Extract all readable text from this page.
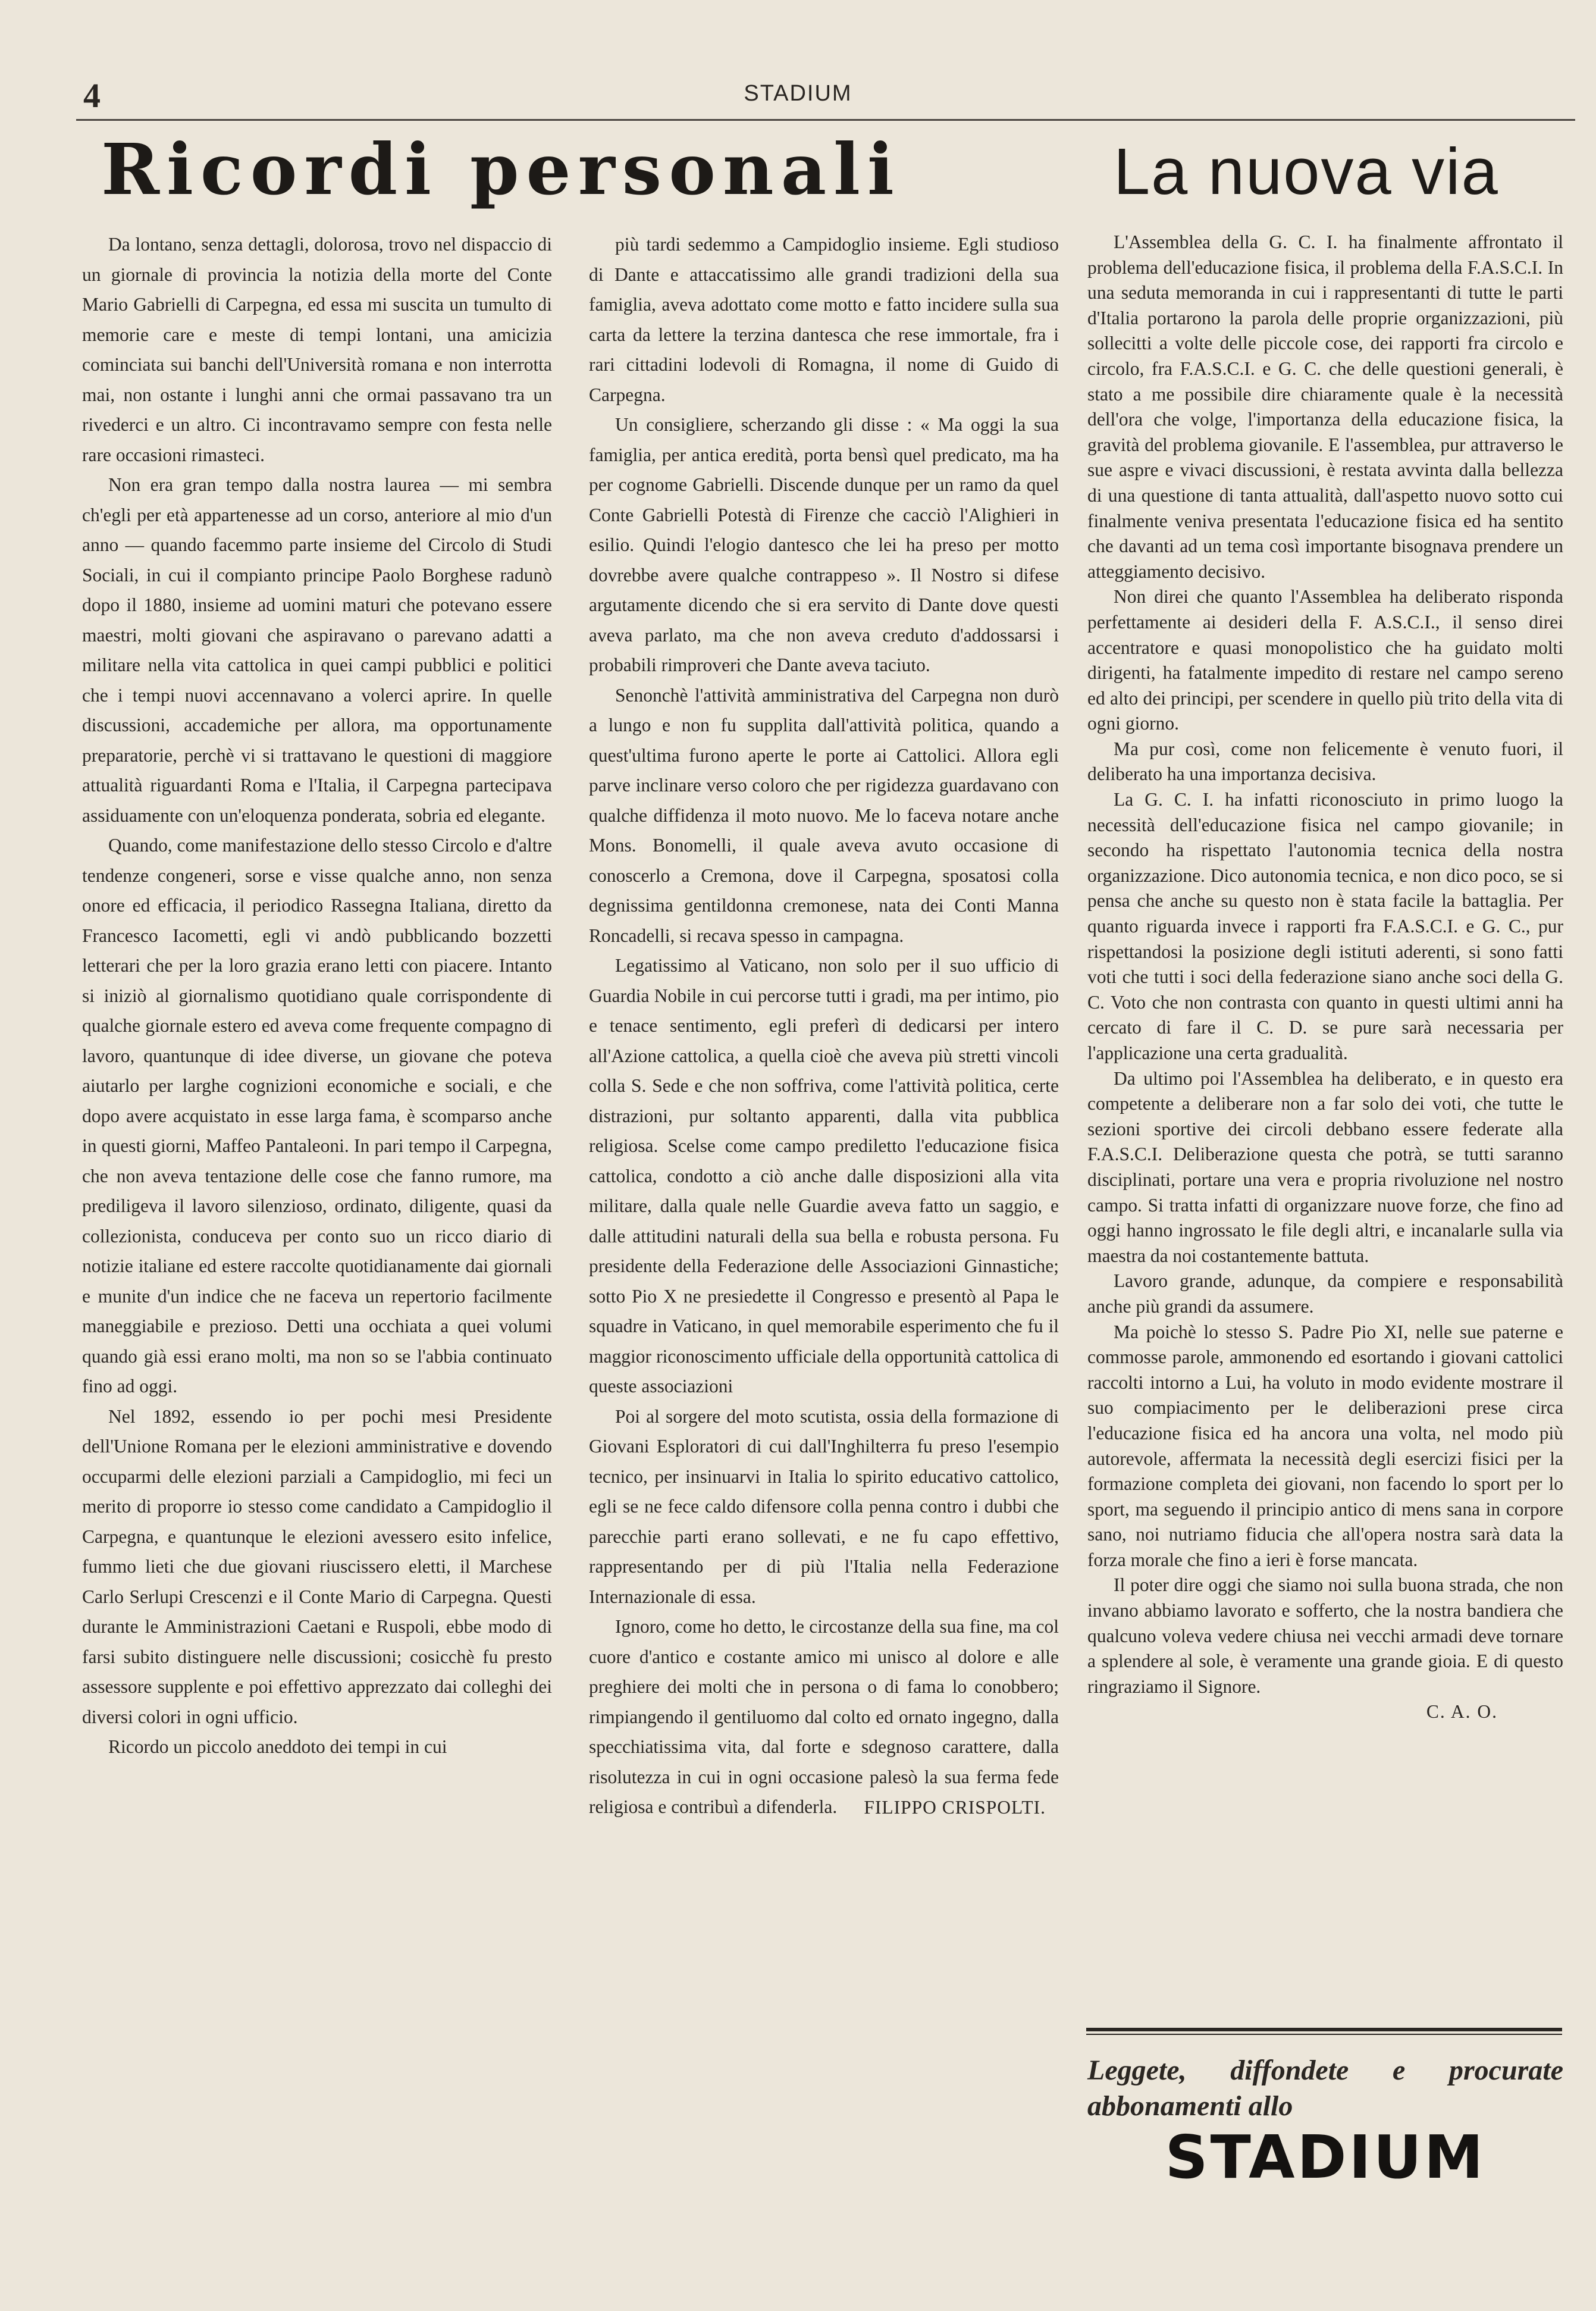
4	STADIUM
Ricordi personali	La nuova via

Da lontano, senza dettagli, dolorosa, trovo nel dispaccio di un giornale di provincia la notizia della morte del Conte Mario Gabrielli di Carpegna, ed essa mi suscita un tumulto di memorie care e meste di tempi lontani, una amicizia cominciata sui banchi dell'Università romana e non interrotta mai, non ostante i lunghi anni che ormai passavano tra un rivederci e un altro. Ci incontravamo sempre con festa nelle rare occasioni rimasteci.

Non era gran tempo dalla nostra laurea — mi sembra ch'egli per età appartenesse ad un corso, anteriore al mio d'un anno — quando facemmo parte insieme del Circolo di Studi Sociali, in cui il compianto principe Paolo Borghese radunò dopo il 1880, insieme ad uomini maturi che potevano essere maestri, molti giovani che aspiravano o parevano adatti a militare nella vita cattolica in quei campi pubblici e politici che i tempi nuovi accennavano a volerci aprire. In quelle discussioni, accademiche per allora, ma opportunamente preparatorie, perchè vi si trattavano le questioni di maggiore attualità riguardanti Roma e l'Italia, il Carpegna partecipava assiduamente con un'eloquenza ponderata, sobria ed elegante.

Quando, come manifestazione dello stesso Circolo e d'altre tendenze congeneri, sorse e visse qualche anno, non senza onore ed efficacia, il periodico Rassegna Italiana, diretto da Francesco Iacometti, egli vi andò pubblicando bozzetti letterari che per la loro grazia erano letti con piacere. Intanto si iniziò al giornalismo quotidiano quale corrispondente di qualche giornale estero ed aveva come frequente compagno di lavoro, quantunque di idee diverse, un giovane che poteva aiutarlo per larghe cognizioni economiche e sociali, e che dopo avere acquistato in esse larga fama, è scomparso anche in questi giorni, Maffeo Pantaleoni. In pari tempo il Carpegna, che non aveva tentazione delle cose che fanno rumore, ma prediligeva il lavoro silenzioso, ordinato, diligente, quasi da collezionista, conduceva per conto suo un ricco diario di notizie italiane ed estere raccolte quotidianamente dai giornali e munite d'un indice che ne faceva un repertorio facilmente maneggiabile e prezioso. Detti una occhiata a quei volumi quando già essi erano molti, ma non so se l'abbia continuato fino ad oggi.

Nel 1892, essendo io per pochi mesi Presidente dell'Unione Romana per le elezioni amministrative e dovendo occuparmi delle elezioni parziali a Campidoglio, mi feci un merito di proporre io stesso come candidato a Campidoglio il Carpegna, e quantunque le elezioni avessero esito infelice, fummo lieti che due giovani riuscissero eletti, il Marchese Carlo Serlupi Crescenzi e il Conte Mario di Carpegna. Questi durante le Amministrazioni Caetani e Ruspoli, ebbe modo di farsi subito distinguere nelle discussioni; cosicchè fu presto assessore supplente e poi effettivo apprezzato dai colleghi dei diversi colori in ogni ufficio.

Ricordo un piccolo aneddoto dei tempi in cui

più tardi sedemmo a Campidoglio insieme. Egli studioso di Dante e attaccatissimo alle grandi tradizioni della sua famiglia, aveva adottato come motto e fatto incidere sulla sua carta da lettere la terzina dantesca che rese immortale, fra i rari cittadini lodevoli di Romagna, il nome di Guido di Carpegna.

Un consigliere, scherzando gli disse : « Ma oggi la sua famiglia, per antica eredità, porta bensì quel predicato, ma ha per cognome Gabrielli. Discende dunque per un ramo da quel Conte Gabrielli Potestà di Firenze che cacciò l'Alighieri in esilio. Quindi l'elogio dantesco che lei ha preso per motto dovrebbe avere qualche contrappeso ». Il Nostro si difese argutamente dicendo che si era servito di Dante dove questi aveva parlato, ma che non aveva creduto d'addossarsi i probabili rimproveri che Dante aveva taciuto.

Senonchè l'attività amministrativa del Carpegna non durò a lungo e non fu supplita dall'attività politica, quando a quest'ultima furono aperte le porte ai Cattolici. Allora egli parve inclinare verso coloro che per rigidezza guardavano con qualche diffidenza il moto nuovo. Me lo faceva notare anche Mons. Bonomelli, il quale aveva avuto occasione di conoscerlo a Cremona, dove il Carpegna, sposatosi colla degnissima gentildonna cremonese, nata dei Conti Manna Roncadelli, si recava spesso in campagna.

Legatissimo al Vaticano, non solo per il suo ufficio di Guardia Nobile in cui percorse tutti i gradi, ma per intimo, pio e tenace sentimento, egli preferì di dedicarsi per intero all'Azione cattolica, a quella cioè che aveva più stretti vincoli colla S. Sede e che non soffriva, come l'attività politica, certe distrazioni, pur soltanto apparenti, dalla vita pubblica religiosa. Scelse come campo prediletto l'educazione fisica cattolica, condotto a ciò anche dalle disposizioni alla vita militare, dalla quale nelle Guardie aveva fatto un saggio, e dalle attitudini naturali della sua bella e robusta persona. Fu presidente della Federazione delle Associazioni Ginnastiche; sotto Pio X ne presiedette il Congresso e presentò al Papa le squadre in Vaticano, in quel memorabile esperimento che fu il maggior riconoscimento ufficiale della opportunità cattolica di queste associazioni

Poi al sorgere del moto scutista, ossia della formazione di Giovani Esploratori di cui dall'Inghilterra fu preso l'esempio tecnico, per insinuarvi in Italia lo spirito educativo cattolico, egli se ne fece caldo difensore colla penna contro i dubbi che parecchie parti erano sollevati, e ne fu capo effettivo, rappresentando per di più l'Italia nella Federazione Internazionale di essa.

Ignoro, come ho detto, le circostanze della sua fine, ma col cuore d'antico e costante amico mi unisco al dolore e alle preghiere dei molti che in persona o di fama lo conobbero; rimpiangendo il gentiluomo dal colto ed ornato ingegno, dalla specchiatissima vita, dal forte e sdegnoso carattere, dalla risolutezza in cui in ogni occasione palesò la sua ferma fede religiosa e contribuì a difenderla.	FILIPPO CRISPOLTI.

L'Assemblea della G. C. I. ha finalmente affrontato il problema dell'educazione fisica, il problema della F.A.S.C.I. In una seduta memoranda in cui i rappresentanti di tutte le parti d'Italia portarono la parola delle proprie organizzazioni, più sollecitti a volte delle piccole cose, dei rapporti fra circolo e circolo, fra F.A.S.C.I. e G. C. che delle questioni generali, è stato a me possibile dire chiaramente quale è la necessità dell'ora che volge, l'importanza della educazione fisica, la gravità del problema giovanile. E l'assemblea, pur attraverso le sue aspre e vivaci discussioni, è restata avvinta dalla bellezza di una questione di tanta attualità, dall'aspetto nuovo sotto cui finalmente veniva presentata l'educazione fisica ed ha sentito che davanti ad un tema così importante bisognava prendere un atteggiamento decisivo.

Non direi che quanto l'Assemblea ha deliberato risponda perfettamente ai desideri della F. A.S.C.I., il senso direi accentratore e quasi monopolistico che ha guidato molti dirigenti, ha fatalmente impedito di restare nel campo sereno ed alto dei principi, per scendere in quello più trito della vita di ogni giorno.

Ma pur così, come non felicemente è venuto fuori, il deliberato ha una importanza decisiva.

La G. C. I. ha infatti riconosciuto in primo luogo la necessità dell'educazione fisica nel campo giovanile; in secondo ha rispettato l'autonomia tecnica della nostra organizzazione. Dico autonomia tecnica, e non dico poco, se si pensa che anche su questo non è stata facile la battaglia. Per quanto riguarda invece i rapporti fra F.A.S.C.I. e G. C., pur rispettandosi la posizione degli istituti aderenti, si sono fatti voti che tutti i soci della federazione siano anche soci della G. C. Voto che non contrasta con quanto in questi ultimi anni ha cercato di fare il C. D. se pure sarà necessaria per l'applicazione una certa gradualità.

Da ultimo poi l'Assemblea ha deliberato, e in questo era competente a deliberare non a far solo dei voti, che tutte le sezioni sportive dei circoli debbano essere federate alla F.A.S.C.I. Deliberazione questa che potrà, se tutti saranno disciplinati, portare una vera e propria rivoluzione nel nostro campo. Si tratta infatti di organizzare nuove forze, che fino ad oggi hanno ingrossato le file degli altri, e incanalarle sulla via maestra da noi costantemente battuta.

Lavoro grande, adunque, da compiere e responsabilità anche più grandi da assumere.

Ma poichè lo stesso S. Padre Pio XI, nelle sue paterne e commosse parole, ammonendo ed esortando i giovani cattolici raccolti intorno a Lui, ha voluto in modo evidente mostrare il suo compiacimento per le deliberazioni prese circa l'educazione fisica ed ha ancora una volta, nel modo più autorevole, affermata la necessità degli esercizi fisici per la formazione completa dei giovani, non facendo lo sport per lo sport, ma seguendo il principio antico di mens sana in corpore sano, noi nutriamo fiducia che all'opera nostra sarà data la forza morale che fino a ieri è forse mancata.

Il poter dire oggi che siamo noi sulla buona strada, che non invano abbiamo lavorato e sofferto, che la nostra bandiera che qualcuno voleva vedere chiusa nei vecchi armadi deve tornare a splendere al sole, è veramente una grande gioia. E di questo ringraziamo il Signore.

C. A. O.
Leggete, diffondete e procurate abbonamenti allo
STADIUM
